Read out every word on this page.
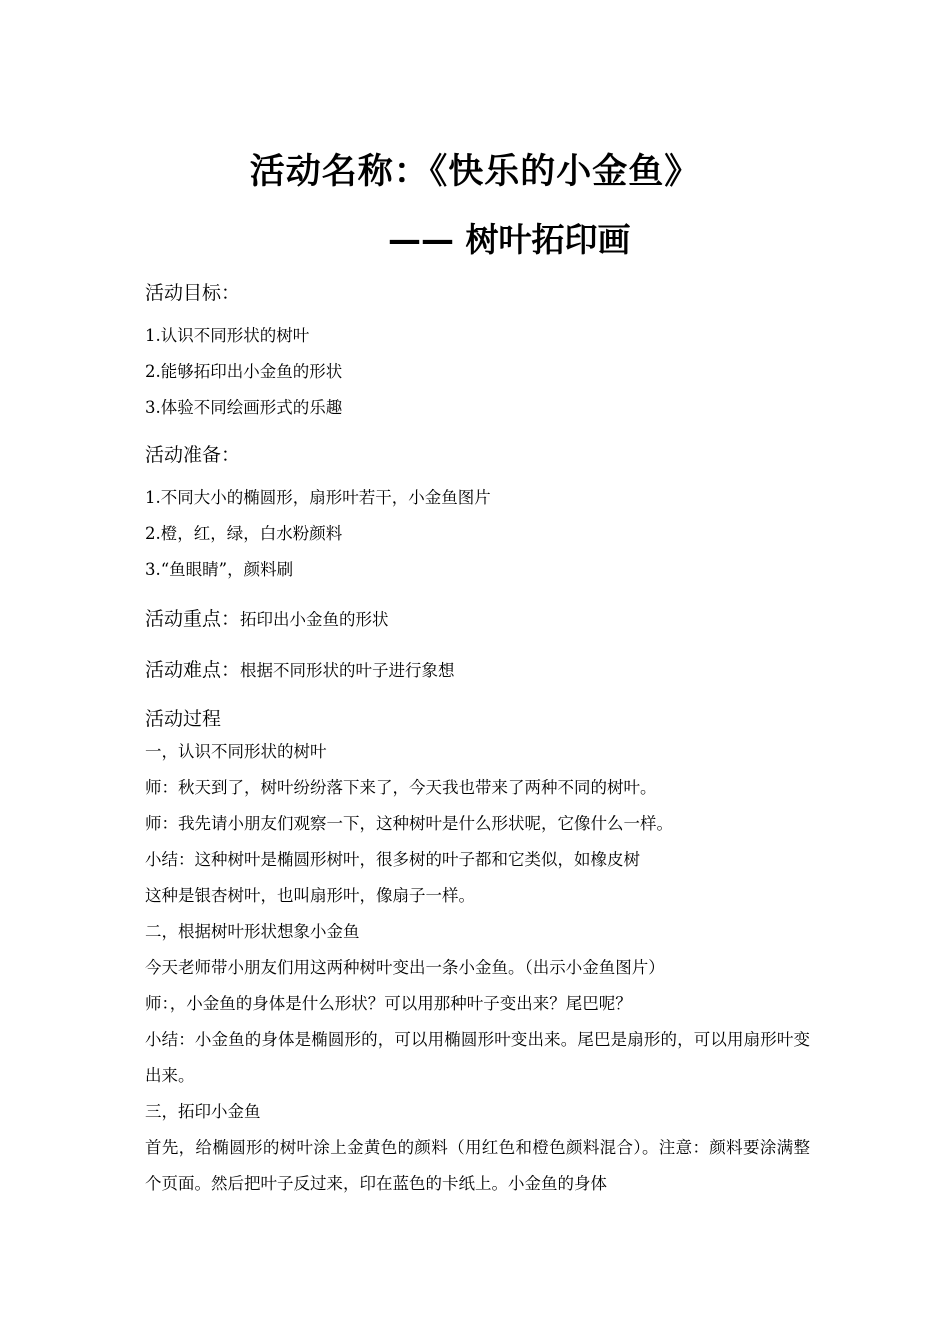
活动名称：《快乐的小金鱼》
—— 树叶拓印画

活动目标：

1.认识不同形状的树叶

2.能够拓印出小金鱼的形状

3.体验不同绘画形式的乐趣

活动准备：

1.不同大小的椭圆形，扇形叶若干，小金鱼图片

2.橙，红，绿，白水粉颜料

3.“鱼眼睛”，颜料刷

活动重点：拓印出小金鱼的形状

活动难点：根据不同形状的叶子进行象想

活动过程

一，认识不同形状的树叶

师：秋天到了，树叶纷纷落下来了，今天我也带来了两种不同的树叶。

师：我先请小朋友们观察一下，这种树叶是什么形状呢，它像什么一样。

小结：这种树叶是椭圆形树叶，很多树的叶子都和它类似，如橡皮树

这种是银杏树叶，也叫扇形叶，像扇子一样。

二，根据树叶形状想象小金鱼

今天老师带小朋友们用这两种树叶变出一条小金鱼。（出示小金鱼图片）

师：，小金鱼的身体是什么形状？可以用那种叶子变出来？尾巴呢？

小结：小金鱼的身体是椭圆形的，可以用椭圆形叶变出来。尾巴是扇形的，可以用扇形叶变出来。

三，拓印小金鱼

首先，给椭圆形的树叶涂上金黄色的颜料（用红色和橙色颜料混合）。注意：颜料要涂满整个页面。然后把叶子反过来，印在蓝色的卡纸上。小金鱼的身体
